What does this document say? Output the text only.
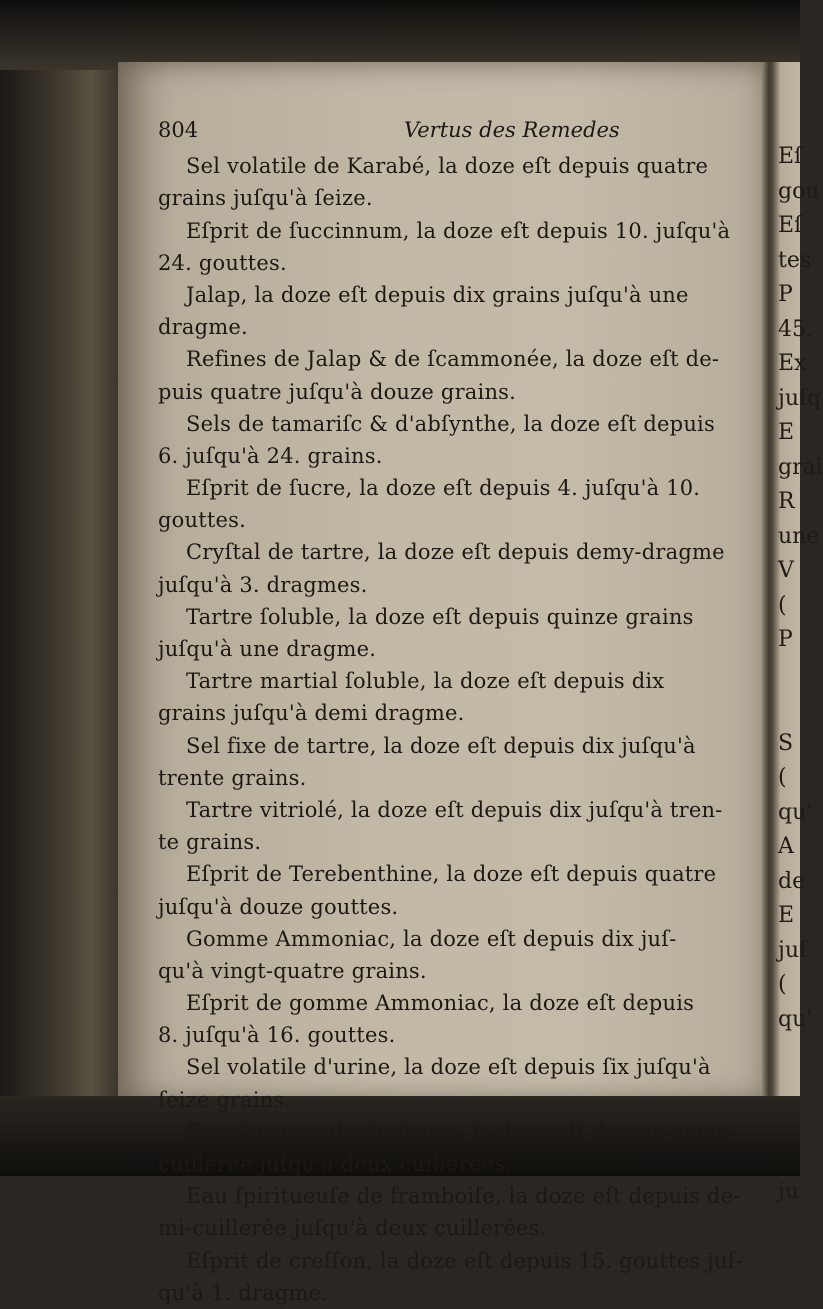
Eſ
gou
Eſ
tes
P
45.
Ex
juſq
E
grai
R
une
V
(
P
S
(
qu'
A
de
E
juſ
(
qu'
ju
804	Vertus des Remedes
Sel volatile de Karabé, la doze eſt depuis quatre
grains juſqu'à ſeize.
Eſprit de ſuccinnum, la doze eſt depuis 10. juſqu'à
24. gouttes.
Jalap, la doze eſt depuis dix grains juſqu'à une
dragme.
Refines de Jalap & de ſcammonée, la doze eſt de-
puis quatre juſqu'à douze grains.
Sels de tamariſc & d'abſynthe, la doze eſt depuis
6. juſqu'à 24. grains.
Eſprit de ſucre, la doze eſt depuis 4. juſqu'à 10.
gouttes.
Cryſtal de tartre, la doze eſt depuis demy-dragme
juſqu'à 3. dragmes.
Tartre ſoluble, la doze eſt depuis quinze grains
juſqu'à une dragme.
Tartre martial ſoluble, la doze eſt depuis dix
grains juſqu'à demi dragme.
Sel fixe de tartre, la doze eſt depuis dix juſqu'à
trente grains.
Tartre vitriolé, la doze eſt depuis dix juſqu'à tren-
te grains.
Eſprit de Terebenthine, la doze eſt depuis quatre
juſqu'à douze gouttes.
Gomme Ammoniac, la doze eſt depuis dix juſ-
qu'à vingt-quatre grains.
Eſprit de gomme Ammoniac, la doze eſt depuis
8. juſqu'à 16. gouttes.
Sel volatile d'urine, la doze eſt depuis ſix juſqu'à
ſeize grains.
Eau Spiritueuſe de fraize, la doze eſt depuis demi-
cuillerée juſqu'à deux cuillerées.
Eau ſpiritueuſe de framboiſe, la doze eſt depuis de-
mi-cuillerée juſqu'à deux cuillerées.
Eſprit de creſſon, la doze eſt depuis 15. gouttes juſ-
qu'à 1. dragme.
